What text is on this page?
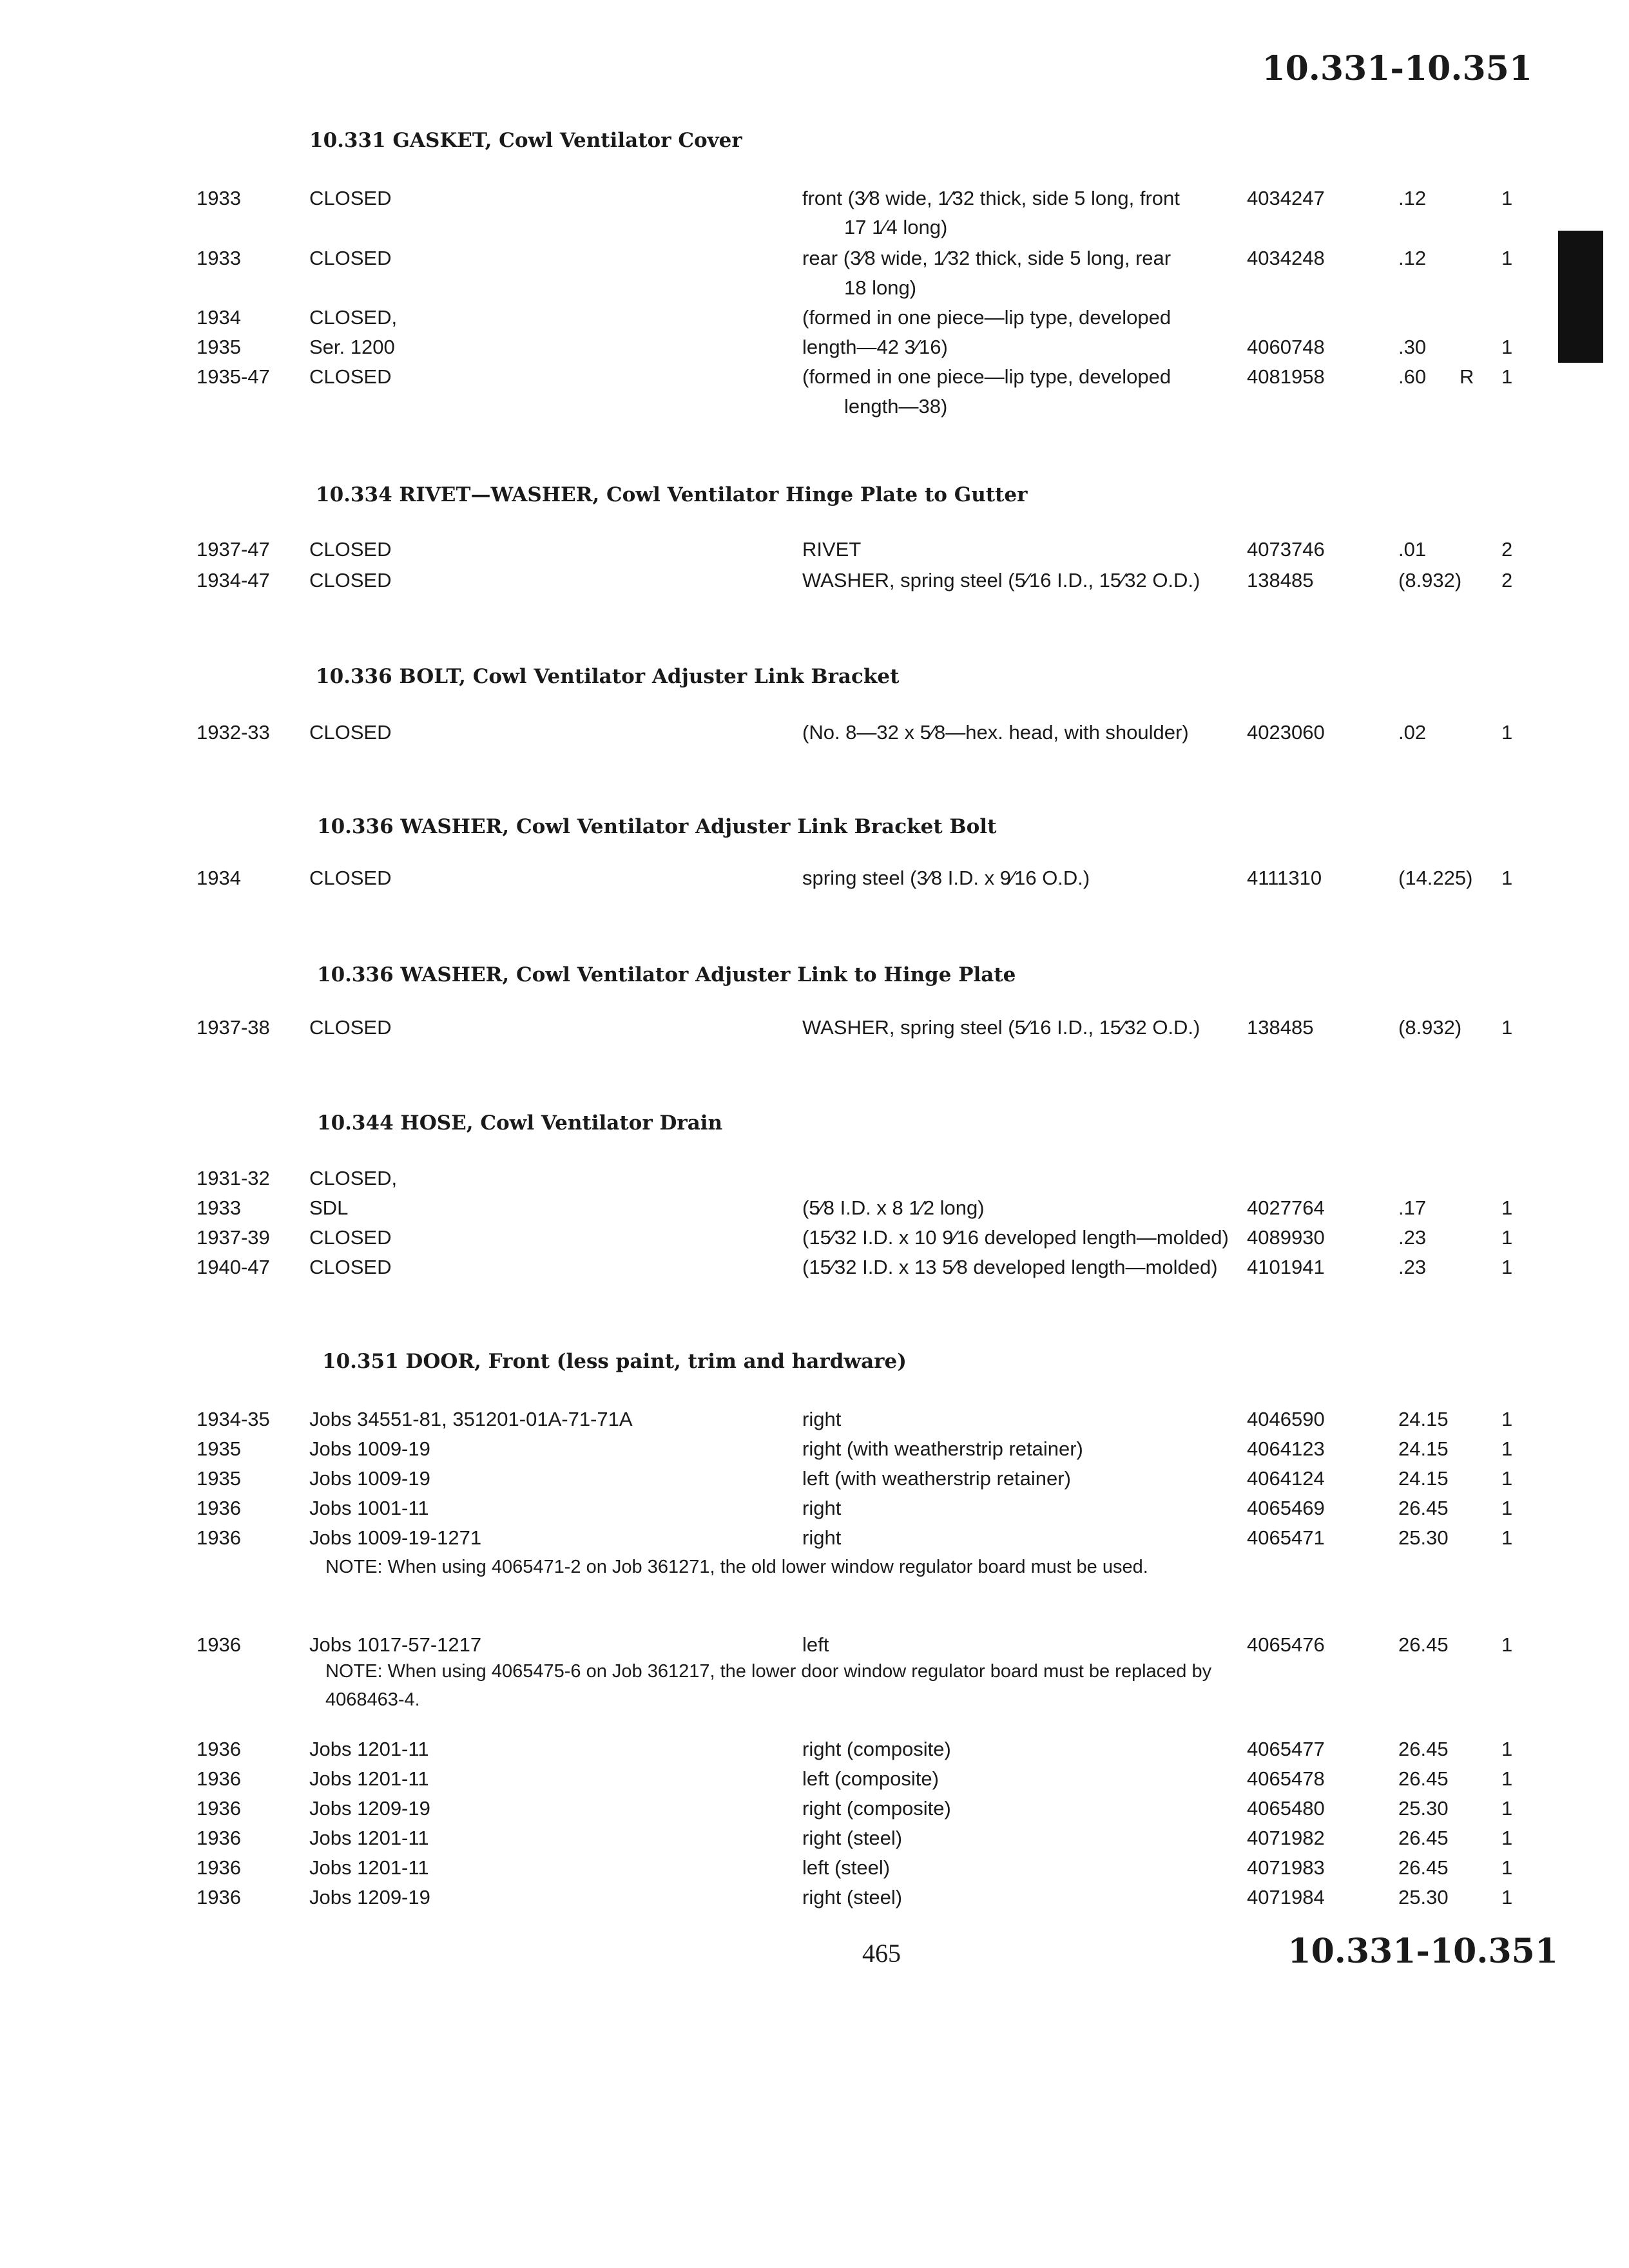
10.331-10.351
10.331 GASKET, Cowl Ventilator Cover
1933	CLOSED	front (3⁄8 wide, 1⁄32 thick, side 5 long, front	4034247	.12	1
17 1⁄4 long)
1933	CLOSED	rear (3⁄8 wide, 1⁄32 thick, side 5 long, rear	4034248	.12	1
18 long)
1934	CLOSED,	(formed in one piece—lip type, developed
1935	Ser. 1200	length—42 3⁄16)	4060748	.30	1
1935-47 CLOSED	(formed in one piece—lip type, developed	4081958	.60 R 1
length—38)
10.334 RIVET—WASHER, Cowl Ventilator Hinge Plate to Gutter
1937-47 CLOSED	RIVET	4073746	.01	2
1934-47 CLOSED	WASHER, spring steel (5⁄16 I.D., 15⁄32 O.D.) 138485	(8.932) 2
10.336 BOLT, Cowl Ventilator Adjuster Link Bracket
1932-33 CLOSED	(No. 8—32 x 5⁄8—hex. head, with shoulder)	4023060	.02	1
10.336 WASHER, Cowl Ventilator Adjuster Link Bracket Bolt
1934	CLOSED	spring steel (3⁄8 I.D. x 9⁄16 O.D.)	4111310	(14.225) 1
10.336 WASHER, Cowl Ventilator Adjuster Link to Hinge Plate
1937-38 CLOSED	WASHER, spring steel (5⁄16 I.D., 15⁄32 O.D.) 138485	(8.932) 1
10.344 HOSE, Cowl Ventilator Drain
1931-32 CLOSED,
1933	SDL	(5⁄8 I.D. x 8 1⁄2 long)	4027764	.17	1
1937-39 CLOSED	(15⁄32 I.D. x 10 9⁄16 developed length—molded) 4089930	.23	1
1940-47 CLOSED	(15⁄32 I.D. x 13 5⁄8 developed length—molded) 4101941	.23	1
10.351 DOOR, Front (less paint, trim and hardware)
1934-35 Jobs 34551-81, 351201-01A-71-71A	right	4046590	24.15	1
1935	Jobs 1009-19	right (with weatherstrip retainer)	4064123	24.15	1
1935	Jobs 1009-19	left (with weatherstrip retainer)	4064124	24.15	1
1936	Jobs 1001-11	right	4065469	26.45	1
1936	Jobs 1009-19-1271	right	4065471	25.30	1
1936	Jobs 1017-57-1217	left	4065476	26.45	1
1936	Jobs 1201-11	right (composite)	4065477	26.45	1
1936	Jobs 1201-11	left (composite)	4065478	26.45	1
1936	Jobs 1209-19	right (composite)	4065480	25.30	1
1936	Jobs 1201-11	right (steel)	4071982	26.45	1
1936	Jobs 1201-11	left (steel)	4071983	26.45	1
1936	Jobs 1209-19	right (steel)	4071984	25.30	1
NOTE: When using 4065471-2 on Job 361271, the old lower window regulator board must be used.
NOTE: When using 4065475-6 on Job 361217, the lower door window regulator board must be replaced by 4068463-4.
465	10.331-10.351
